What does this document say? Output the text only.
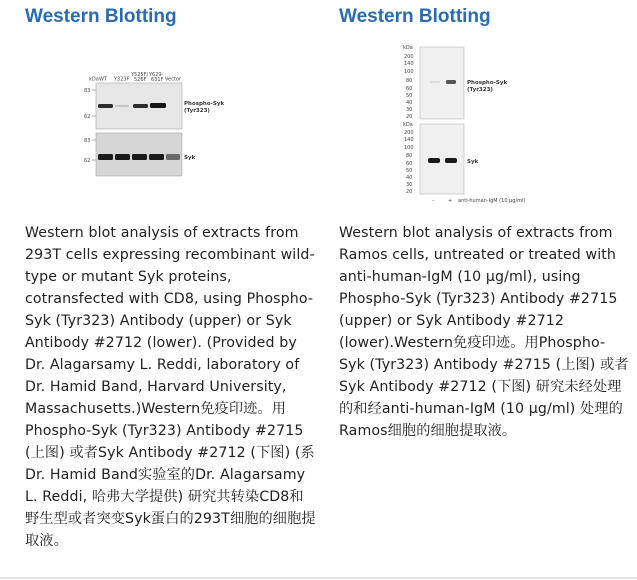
Western Blotting
kDa WT Y323F
Y525F/
526F
Y629-
631F Vector
83
62
Phospho-Syk
(Tyr323)
83
62	Syk

Western blot analysis of extracts from 293T cells expressing recombinant wild-type or mutant Syk proteins, cotransfected with CD8, using Phospho-Syk (Tyr323) Antibody (upper) or Syk Antibody #2712 (lower). (Provided by Dr. Alagarsamy L. Reddi, laboratory of Dr. Hamid Band, Harvard University, Massachusetts.)Western免疫印迹。用Phospho-Syk (Tyr323) Antibody #2715 (上图) 或者Syk Antibody #2712 (下图) (系Dr. Hamid Band实验室的Dr. Alagarsamy L. Reddi, 哈弗大学提供) 研究共转染CD8和野生型或者突变Syk蛋白的293T细胞的细胞提取液。

Western Blotting
kDa
200
140
100
80
60
50
40
30
20
Phospho-Syk
(Tyr323)
kDa
200
140
100
80
60
50
40
30
20
Syk
–	+ anti-human-IgM (10 µg/ml)

Western blot analysis of extracts from Ramos cells, untreated or treated with anti-human-IgM (10 µg/ml), using Phospho-Syk (Tyr323) Antibody #2715 (upper) or Syk Antibody #2712 (lower).Western免疫印迹。用Phospho-Syk (Tyr323) Antibody #2715 (上图) 或者Syk Antibody #2712 (下图) 研究未经处理的和经anti-human-IgM (10 µg/ml) 处理的Ramos细胞的细胞提取液。
